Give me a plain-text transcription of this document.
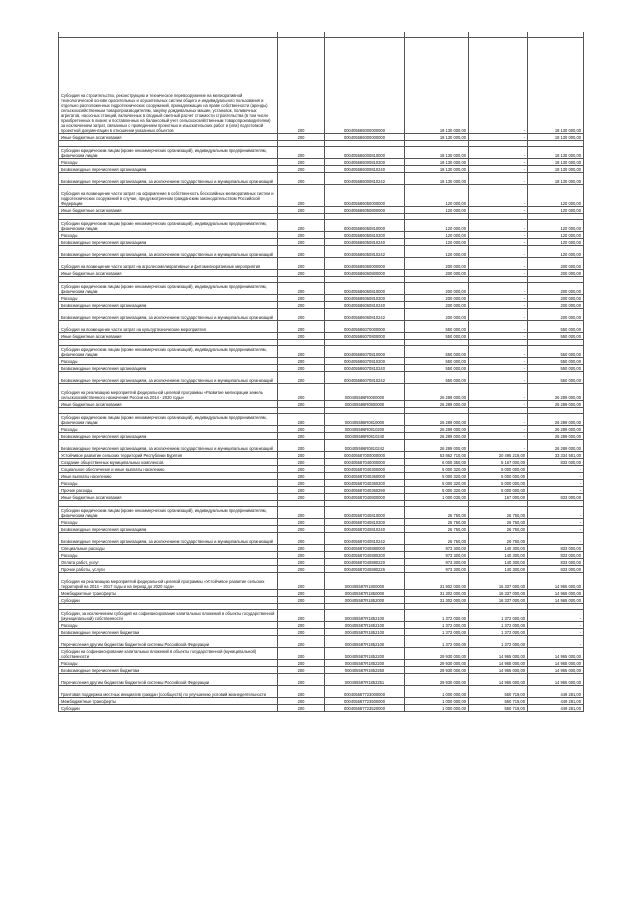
Субсидия на строительство, реконструкцию и техническое перевооружение на мелиоративной технологической основе оросительных и осушительных систем общего и индивидуального пользования и отдельно расположенных гидротехнических сооружений, принадлежащих на праве собственности (аренды) сельскохозяйственным товаропроизводителям, закупку дождевальных машин, установок, поливочных агрегатов, насосных станций, включенных в сводный сметный расчет стоимости строительства (в том числе приобретенных в лизинг и поставленных на балансовый учет сельскохозяйственным товаропроизводителем) за исключением затрат, связанных с проведением проектных и изыскательских работ и (или) подготовкой проектной документации в отношении указанных объектов	200	000405586000000000	18 130 000,00	-	18 130 000,00
Иные бюджетные ассигнования	200	000405586000000000	18 130 000,00	-	18 130 000,00

Субсидии юридическим лицам (кроме некоммерческих организаций), индивидуальным предпринимателям, физическим лицам	200	000405586000810000	18 130 000,00	-	18 130 000,00
Расходы	200	000405586000810200	18 130 000,00	-	18 130 000,00
Безвозмездные перечисления организациям	200	000405586000810240	18 130 000,00	-	18 130 000,00
Безвозмездные перечисления организациям, за исключением государственных и муниципальных организаций	200	000405586000810242	18 130 000,00	-	18 130 000,00
Субсидия на возмещение части затрат на оформление в собственность бесхозяйных мелиоративных систем и гидротехнических сооружений в случае, предусмотренном гражданским законодательством Российской Федерации	200	000405586050000000	120 000,00	-	120 000,00
Иные бюджетные ассигнования	200	000405586050800000	120 000,00	-	120 000,00

Субсидии юридическим лицам (кроме некоммерческих организаций), индивидуальным предпринимателям, физическим лицам	200	000405586050810000	120 000,00	-	120 000,00
Расходы	200	000405586050810200	120 000,00	-	120 000,00
Безвозмездные перечисления организациям	200	000405586050810240	120 000,00	-	120 000,00
Безвозмездные перечисления организациям, за исключением государственных и муниципальных организаций	200	000405586050810242	120 000,00	-	120 000,00
Субсидия на возмещение части затрат на агролесомелиоративные и фитомелиоративные мероприятия	200	000405586060000000	200 000,00	-	200 000,00
Иные бюджетные ассигнования	200	000405586060800000	200 000,00	-	200 000,00

Субсидии юридическим лицам (кроме некоммерческих организаций), индивидуальным предпринимателям, физическим лицам	200	000405586060810000	200 000,00	-	200 000,00
Расходы	200	000405586060810200	200 000,00	-	200 000,00
Безвозмездные перечисления организациям	200	000405586060810240	200 000,00	-	200 000,00
Безвозмездные перечисления организациям, за исключением государственных и муниципальных организаций	200	000405586060810242	200 000,00	-	200 000,00
Субсидия на возмещение части затрат на культуртехнические мероприятия	200	000405586070000000	550 000,00	-	550 000,00
Иные бюджетные ассигнования	200	000405586070800000	550 000,00	-	550 000,00

Субсидии юридическим лицам (кроме некоммерческих организаций), индивидуальным предпринимателям, физическим лицам	200	000405586070810000	550 000,00	-	550 000,00
Расходы	200	000405586070810200	550 000,00	-	550 000,00
Безвозмездные перечисления организациям	200	000405586070810240	550 000,00	-	550 000,00
Безвозмездные перечисления организациям, за исключением государственных и муниципальных организаций	200	000405586070810242	550 000,00	-	550 000,00
Субсидия на реализацию мероприятий федеральной целевой программы «Развитие мелиорации земель сельскохозяйственного назначения России на 2014 - 2020 годы»	200	000405586R0000000	26 289 000,00	-	26 289 000,00
Иные бюджетные ассигнования	200	000405586R0800000	26 289 000,00	-	26 289 000,00

Субсидии юридическим лицам (кроме некоммерческих организаций), индивидуальным предпринимателям, физическим лицам	200	000405586R0810000	26 289 000,00	-	26 289 000,00
Расходы	200	000405586R0810200	26 289 000,00	-	26 289 000,00
Безвозмездные перечисления организациям	200	000405586R0810240	26 289 000,00	-	26 289 000,00
Безвозмездные перечисления организациям, за исключением государственных и муниципальных организаций	200	000405586R0810242	26 289 000,00	-	26 289 000,00
Устойчивое развитие сельских территорий Республики Бурятия	200	000405587000000000	53 862 710,00	20 495 219,00	33 334 581,00
Создание общественных муниципальных комплексов	200	000405587040000000	6 000 350,00	5 167 000,00	833 000,00
Социальное обеспечение и иные выплаты населению	200	000405587040300000	5 000 320,00	5 000 000,00	-
Иные выплаты населению	200	000405587040360000	5 000 320,00	5 000 000,00	-
Расходы	200	000405587040360200	5 000 320,00	5 000 000,00	-
Прочие расходы	200	000405587040360290	5 000 320,00	5 000 000,00	-
Иные бюджетные ассигнования	200	000405587040800000	1 000 030,00	167 000,00	833 000,00

Субсидии юридическим лицам (кроме некоммерческих организаций), индивидуальным предпринимателям, физическим лицам	200	000405587040810000	26 750,00	26 750,00	-
Расходы	200	000405587040810200	26 750,00	26 750,00	-
Безвозмездные перечисления организациям	200	000405587040810240	26 750,00	26 750,00	-
Безвозмездные перечисления организациям, за исключением государственных и муниципальных организаций	200	000405587040810242	26 750,00	26 750,00	-
Специальные расходы	200	000405587040880000	973 300,00	140 300,00	833 000,00
Расходы	200	000405587040880200	973 300,00	140 300,00	833 000,00
Оплата работ, услуг	200	000405587040880220	973 300,00	140 300,00	833 000,00
Прочие работы, услуги	200	000405587040880226	973 300,00	140 300,00	833 000,00
Субсидия на реализацию мероприятий федеральной целевой программы «Устойчивое развитие сельских территорий на 2014 – 2017 годы и на период до 2020 года»	200	000405587R1800000	31 902 000,00	16 337 000,00	14 965 000,00
Межбюджетные трансферты	200	000405587R1850000	31 302 000,00	16 337 000,00	14 965 000,00
Субсидии	200	000405587R1852000	31 302 000,00	16 337 000,00	14 965 000,00

Субсидии, за исключением субсидий на софинансирование капитальных вложений в объекты государственной (муниципальной) собственности	200	000405587R1852100	1 372 000,00	1 372 000,00	-
Расходы	200	000405587R1852100	1 372 000,00	1 372 000,00	-
Безвозмездные перечисления бюджетам	200	000405587R1852100	1 372 000,00	1 372 000,00	-
Перечисления другим бюджетам бюджетной системы Российской Федерации	200	000405587R1852100	1 372 000,00	1 372 000,00	-
Субсидии на софинансирование капитальных вложений в объекты государственной (муниципальной) собственности	200	000405587R1852200	29 930 000,00	14 965 000,00	14 965 000,00
Расходы	200	000405587R1852200	29 930 000,00	14 965 000,00	14 965 000,00
Безвозмездные перечисления бюджетам	200	000405587R1852250	29 930 000,00	14 965 000,00	14 965 000,00
Перечисления другим бюджетам бюджетной системы Российской Федерации	200	000405587R1852251	29 930 000,00	14 965 000,00	14 965 000,00
Грантовая поддержка местных инициатив граждан (сообществ) по улучшению условий жизнедеятельности	200	000405587723000000	1 000 000,00	550 719,00	449 281,00
Межбюджетные трансферты	200	000405587723500000	1 000 000,00	550 719,00	449 281,00
Субсидии	200	000405587723520000	1 000 000,00	550 719,00	449 281,00
